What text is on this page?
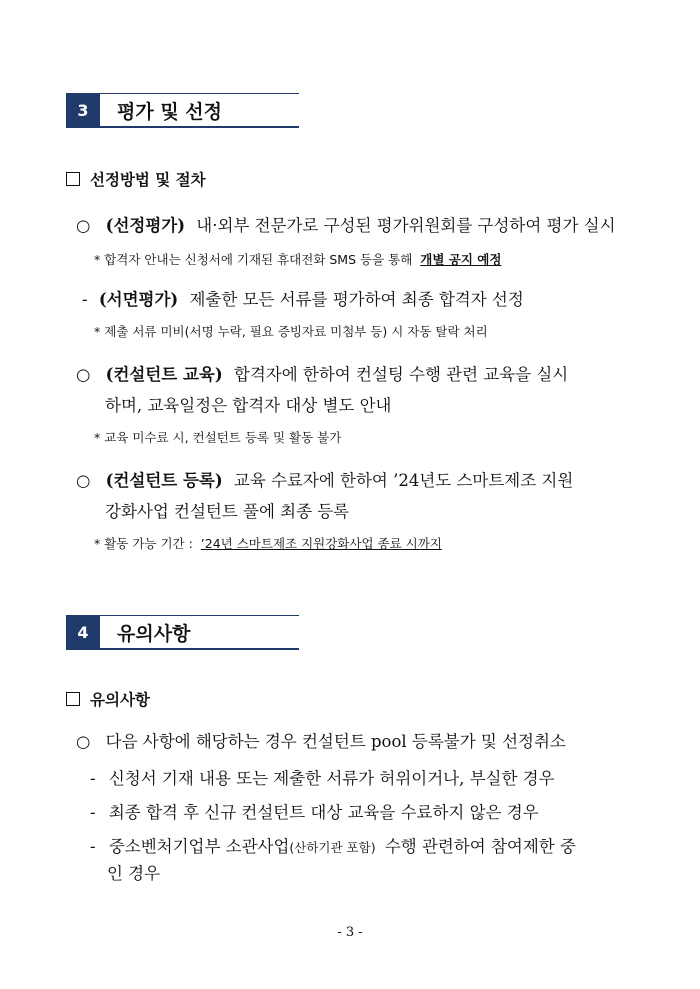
3	평가 및 선정
선정방법 및 절차
○ (선정평가) 내·외부 전문가로 구성된 평가위원회를 구성하여 평가 실시
* 합격자 안내는 신청서에 기재된 휴대전화 SMS 등을 통해 개별 공지 예정
- (서면평가) 제출한 모든 서류를 평가하여 최종 합격자 선정
* 제출 서류 미비(서명 누락, 필요 증빙자료 미첨부 등) 시 자동 탈락 처리
○ (컨설턴트 교육) 합격자에 한하여 컨설팅 수행 관련 교육을 실시
하며, 교육일정은 합격자 대상 별도 안내
* 교육 미수료 시, 컨설턴트 등록 및 활동 불가
○ (컨설턴트 등록) 교육 수료자에 한하여 ’24년도 스마트제조 지원
강화사업 컨설턴트 풀에 최종 등록
* 활동 가능 기간 : ’24년 스마트제조 지원강화사업 종료 시까지
4	유의사항
유의사항
○ 다음 사항에 해당하는 경우 컨설턴트 pool 등록불가 및 선정취소
- 신청서 기재 내용 또는 제출한 서류가 허위이거나, 부실한 경우
- 최종 합격 후 신규 컨설턴트 대상 교육을 수료하지 않은 경우
- 중소벤처기업부 소관사업(산하기관 포함) 수행 관련하여 참여제한 중
인 경우
- 3 -
